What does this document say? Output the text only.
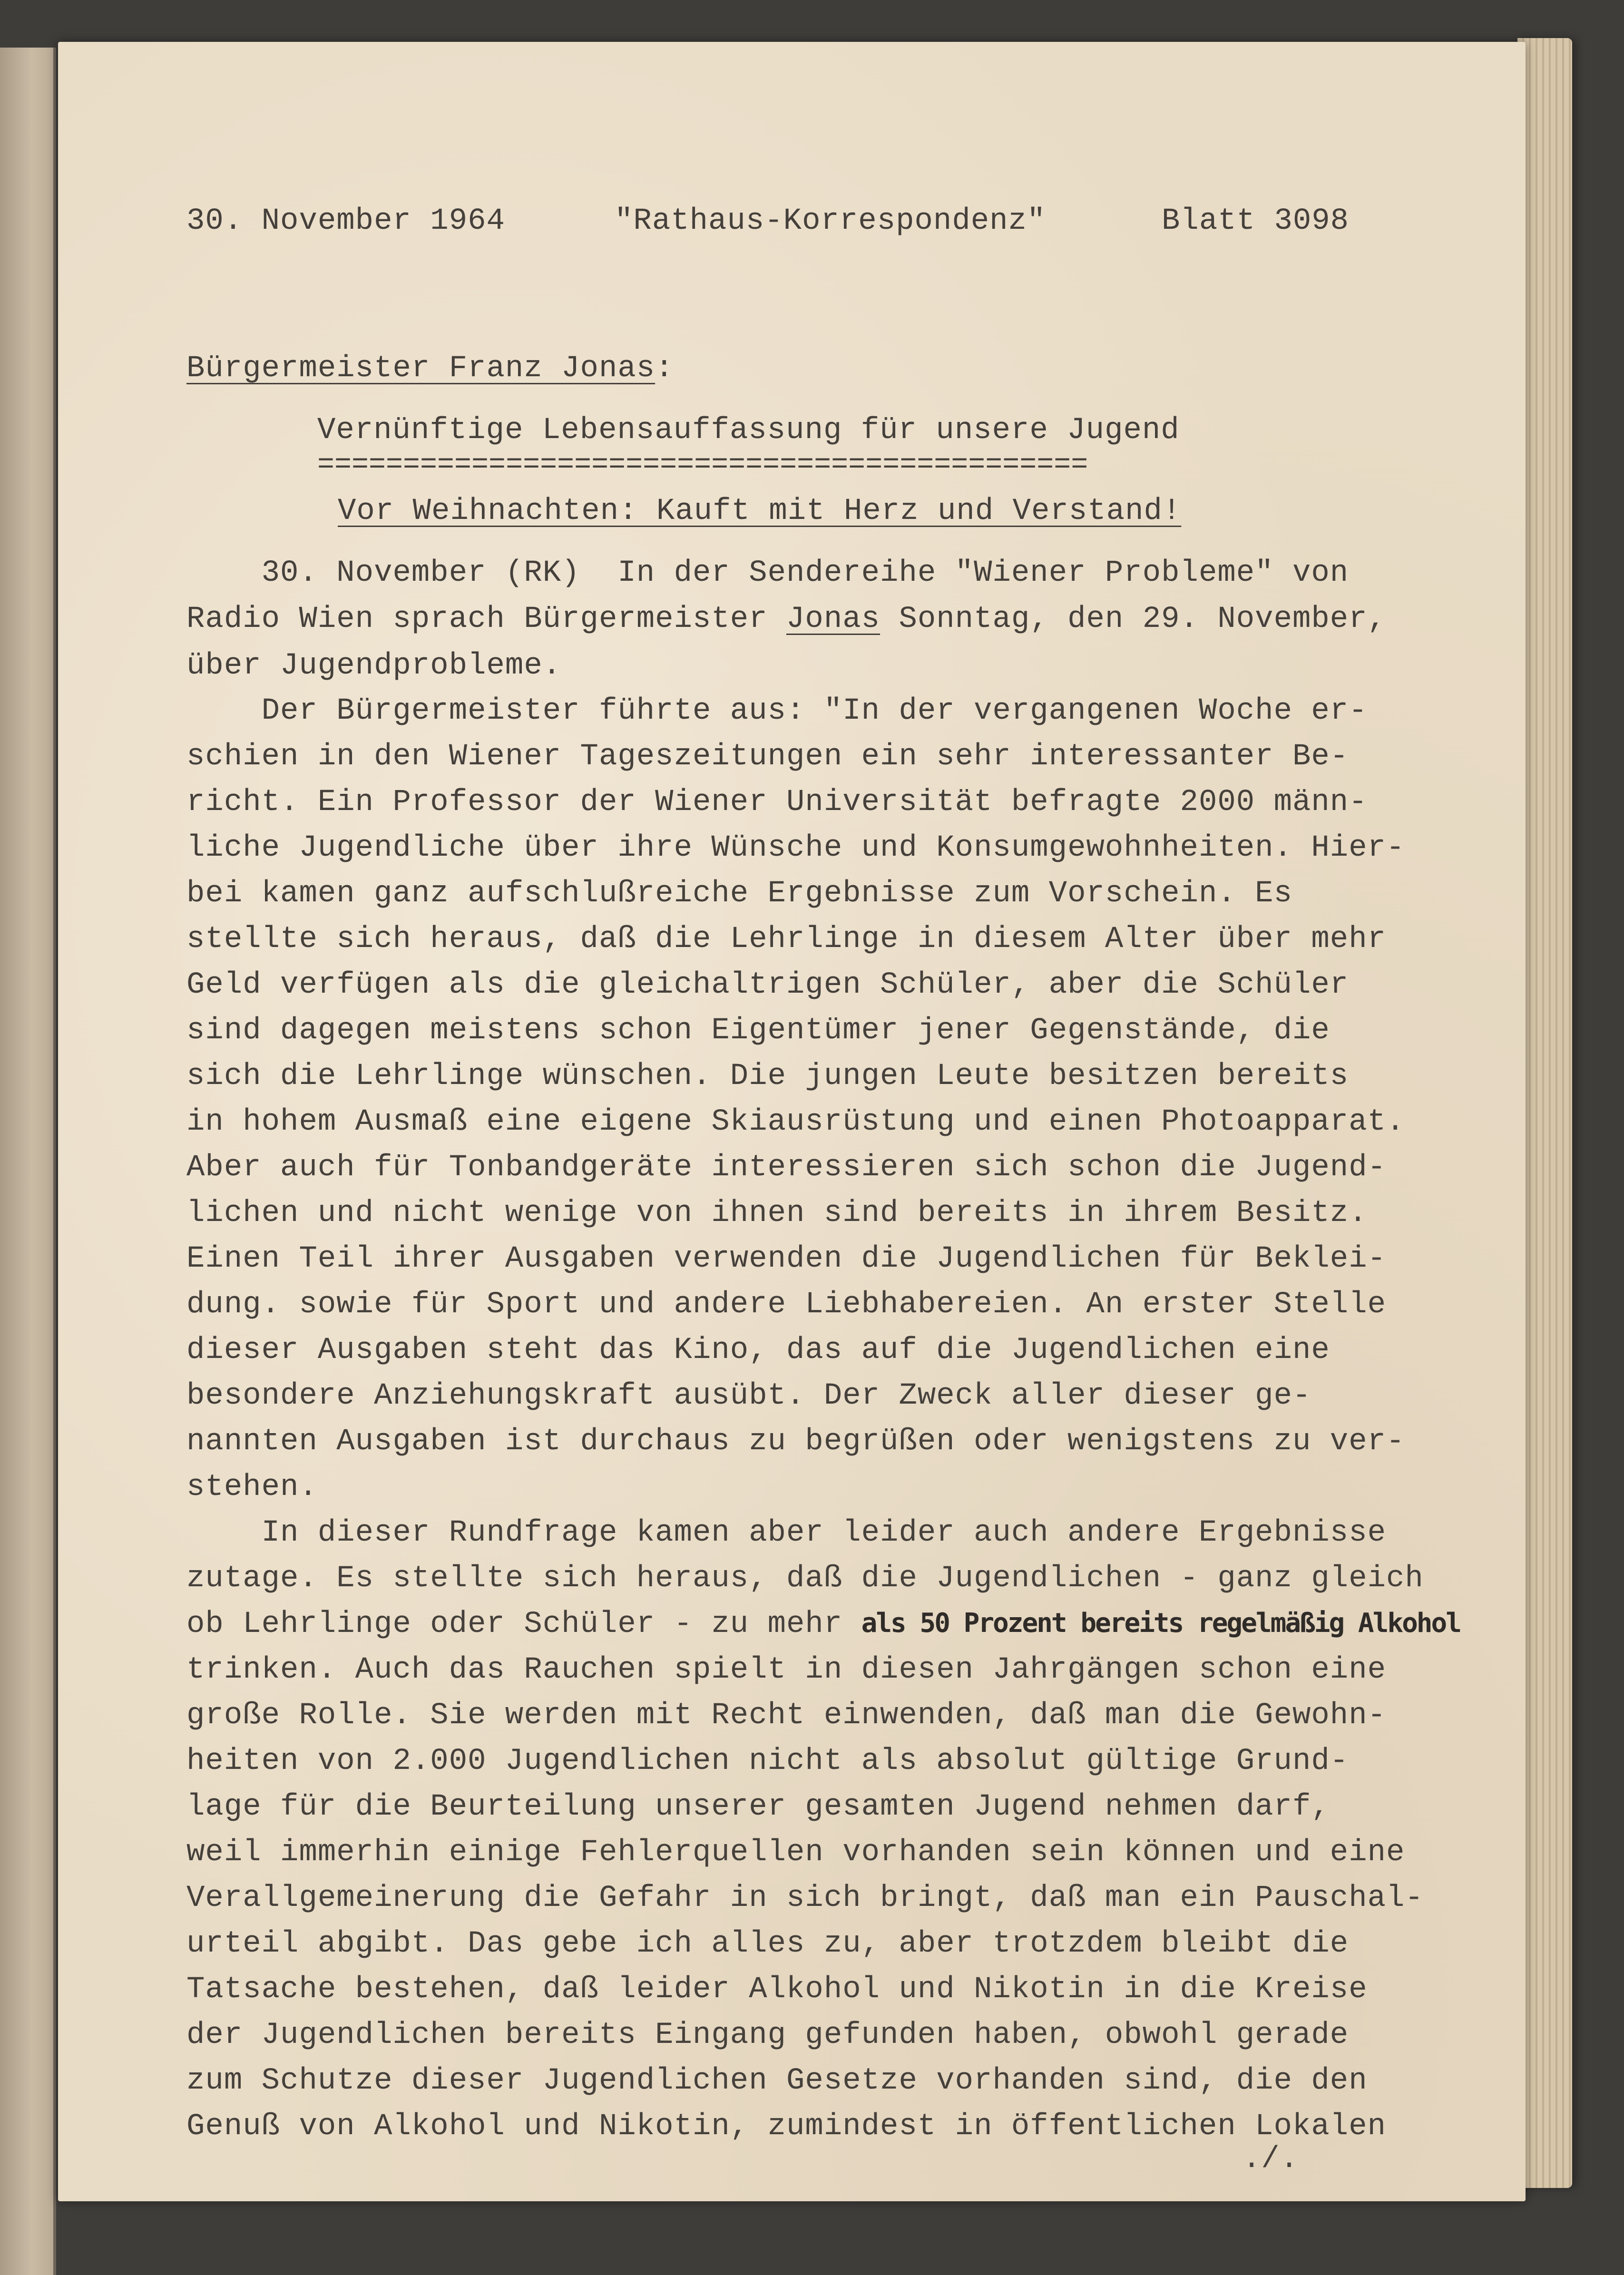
30. November 1964	"Rathaus-Korrespondenz"	Blatt 3098

Bürgermeister Franz Jonas:

Vernünftige Lebensauffassung für unsere Jugend

=============================================

Vor Weihnachten: Kauft mit Herz und Verstand!

30. November (RK)  In der Sendereihe "Wiener Probleme" von

Radio Wien sprach Bürgermeister Jonas Sonntag, den 29. November,

über Jugendprobleme.

Der Bürgermeister führte aus: "In der vergangenen Woche er-

schien in den Wiener Tageszeitungen ein sehr interessanter Be-

richt. Ein Professor der Wiener Universität befragte 2000 männ-

liche Jugendliche über ihre Wünsche und Konsumgewohnheiten. Hier-

bei kamen ganz aufschlußreiche Ergebnisse zum Vorschein. Es

stellte sich heraus, daß die Lehrlinge in diesem Alter über mehr

Geld verfügen als die gleichaltrigen Schüler, aber die Schüler

sind dagegen meistens schon Eigentümer jener Gegenstände, die

sich die Lehrlinge wünschen. Die jungen Leute besitzen bereits

in hohem Ausmaß eine eigene Skiausrüstung und einen Photoapparat.

Aber auch für Tonbandgeräte interessieren sich schon die Jugend-

lichen und nicht wenige von ihnen sind bereits in ihrem Besitz.

Einen Teil ihrer Ausgaben verwenden die Jugendlichen für Beklei-

dung. sowie für Sport und andere Liebhabereien. An erster Stelle

dieser Ausgaben steht das Kino, das auf die Jugendlichen eine

besondere Anziehungskraft ausübt. Der Zweck aller dieser ge-

nannten Ausgaben ist durchaus zu begrüßen oder wenigstens zu ver-

stehen.

In dieser Rundfrage kamen aber leider auch andere Ergebnisse

zutage. Es stellte sich heraus, daß die Jugendlichen - ganz gleich

ob Lehrlinge oder Schüler - zu mehr als 50 Prozent bereits regelmäßig Alkohol

trinken. Auch das Rauchen spielt in diesen Jahrgängen schon eine

große Rolle. Sie werden mit Recht einwenden, daß man die Gewohn-

heiten von 2.000 Jugendlichen nicht als absolut gültige Grund-

lage für die Beurteilung unserer gesamten Jugend nehmen darf,

weil immerhin einige Fehlerquellen vorhanden sein können und eine

Verallgemeinerung die Gefahr in sich bringt, daß man ein Pauschal-

urteil abgibt. Das gebe ich alles zu, aber trotzdem bleibt die

Tatsache bestehen, daß leider Alkohol und Nikotin in die Kreise

der Jugendlichen bereits Eingang gefunden haben, obwohl gerade

zum Schutze dieser Jugendlichen Gesetze vorhanden sind, die den

Genuß von Alkohol und Nikotin, zumindest in öffentlichen Lokalen

./.
